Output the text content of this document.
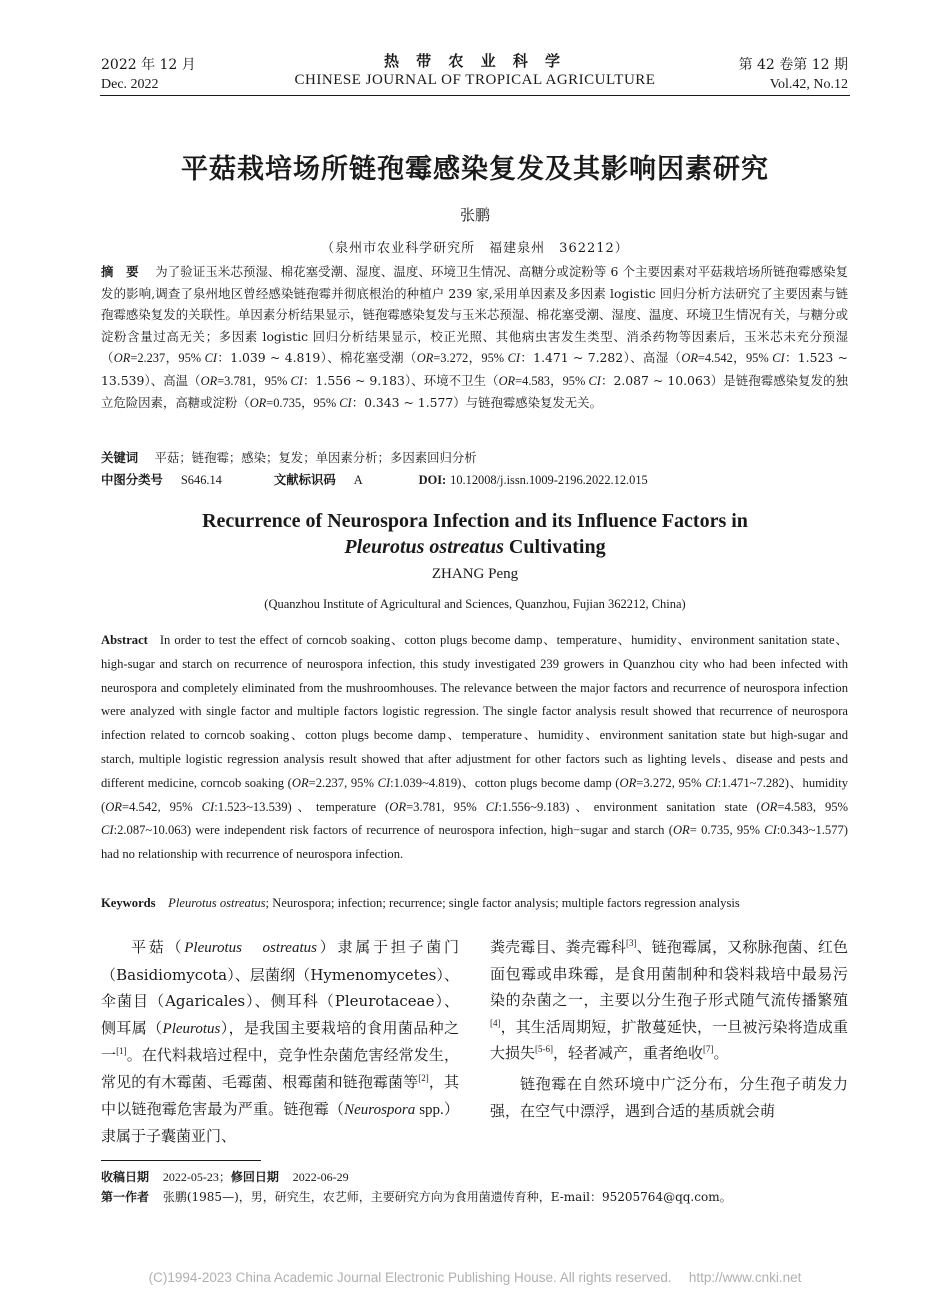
2022 年 12 月
Dec. 2022
热 带 农 业 科 学
CHINESE JOURNAL OF TROPICAL AGRICULTURE
第 42 卷第 12 期
Vol.42, No.12
平菇栽培场所链孢霉感染复发及其影响因素研究
张鹏
（泉州市农业科学研究所　福建泉州　362212）
摘　要　 为了验证玉米芯预湿、棉花塞受潮、湿度、温度、环境卫生情况、高糖分或淀粉等 6 个主要因素对平菇栽培场所链孢霉感染复发的影响,调查了泉州地区曾经感染链孢霉并彻底根治的种植户 239 家,采用单因素及多因素 logistic 回归分析方法研究了主要因素与链孢霉感染复发的关联性。单因素分析结果显示，链孢霉感染复发与玉米芯预湿、棉花塞受潮、湿度、温度、环境卫生情况有关，与糖分或淀粉含量过高无关；多因素 logistic 回归分析结果显示，校正光照、其他病虫害发生类型、消杀药物等因素后，玉米芯未充分预湿（OR=2.237，95% CI：1.039 ~ 4.819）、棉花塞受潮（OR=3.272，95% CI：1.471 ~ 7.282）、高湿（OR=4.542，95% CI：1.523 ~ 13.539）、高温（OR=3.781，95% CI：1.556 ~ 9.183）、环境不卫生（OR=4.583，95% CI：2.087 ~ 10.063）是链孢霉感染复发的独立危险因素，高糖或淀粉（OR=0.735，95% CI：0.343 ~ 1.577）与链孢霉感染复发无关。
关键词　 平菇；链孢霉；感染；复发；单因素分析；多因素回归分析
中图分类号 S646.14	文献标识码 A	DOI: 10.12008/j.issn.1009-2196.2022.12.015
Recurrence of Neurospora Infection and its Influence Factors in
Pleurotus ostreatus Cultivating
ZHANG Peng
(Quanzhou Institute of Agricultural and Sciences, Quanzhou, Fujian 362212, China)
Abstract In order to test the effect of corncob soaking、cotton plugs become damp、temperature、humidity、environment sanitation state、high-sugar and starch on recurrence of neurospora infection, this study investigated 239 growers in Quanzhou city who had been infected with neurospora and completely eliminated from the mushroomhouses. The relevance between the major factors and recurrence of neurospora infection were analyzed with single factor and multiple factors logistic regression. The single factor analysis result showed that recurrence of neurospora infection related to corncob soaking、cotton plugs become damp、temperature、humidity、environment sanitation state but high-sugar and starch, multiple logistic regression analysis result showed that after adjustment for other factors such as lighting levels、disease and pests and different medicine, corncob soaking (OR=2.237, 95% CI:1.039~4.819)、cotton plugs become damp (OR=3.272, 95% CI:1.471~7.282)、humidity (OR=4.542, 95% CI:1.523~13.539)、temperature (OR=3.781, 95% CI:1.556~9.183)、environment sanitation state (OR=4.583, 95% CI:2.087~10.063) were independent risk factors of recurrence of neurospora infection, high−sugar and starch (OR= 0.735, 95% CI:0.343~1.577) had no relationship with recurrence of neurospora infection.
Keywords Pleurotus ostreatus; Neurospora; infection; recurrence; single factor analysis; multiple factors regression analysis

平菇（Pleurotus　ostreatus）隶属于担子菌门（Basidiomycota）、层菌纲（Hymenomycetes）、伞菌目（Agaricales）、侧耳科（Pleurotaceae）、侧耳属（Pleurotus），是我国主要栽培的食用菌品种之一[1]。在代料栽培过程中，竞争性杂菌危害经常发生，常见的有木霉菌、毛霉菌、根霉菌和链孢霉菌等[2]，其中以链孢霉危害最为严重。链孢霉（Neurospora spp.）隶属于子囊菌亚门、

粪壳霉目、粪壳霉科[3]、链孢霉属，又称脉孢菌、红色面包霉或串珠霉，是食用菌制种和袋料栽培中最易污染的杂菌之一，主要以分生孢子形式随气流传播繁殖[4]，其生活周期短，扩散蔓延快，一旦被污染将造成重大损失[5-6]，轻者减产，重者绝收[7]。

链孢霉在自然环境中广泛分布，分生孢子萌发力强，在空气中漂浮，遇到合适的基质就会萌

收稿日期 2022-05-23；修回日期 2022-06-29
第一作者 张鹏(1985—)，男，研究生，农艺师，主要研究方向为食用菌遗传育种，E-mail：95205764@qq.com。
(C)1994-2023 China Academic Journal Electronic Publishing House. All rights reserved.　 http://www.cnki.net
